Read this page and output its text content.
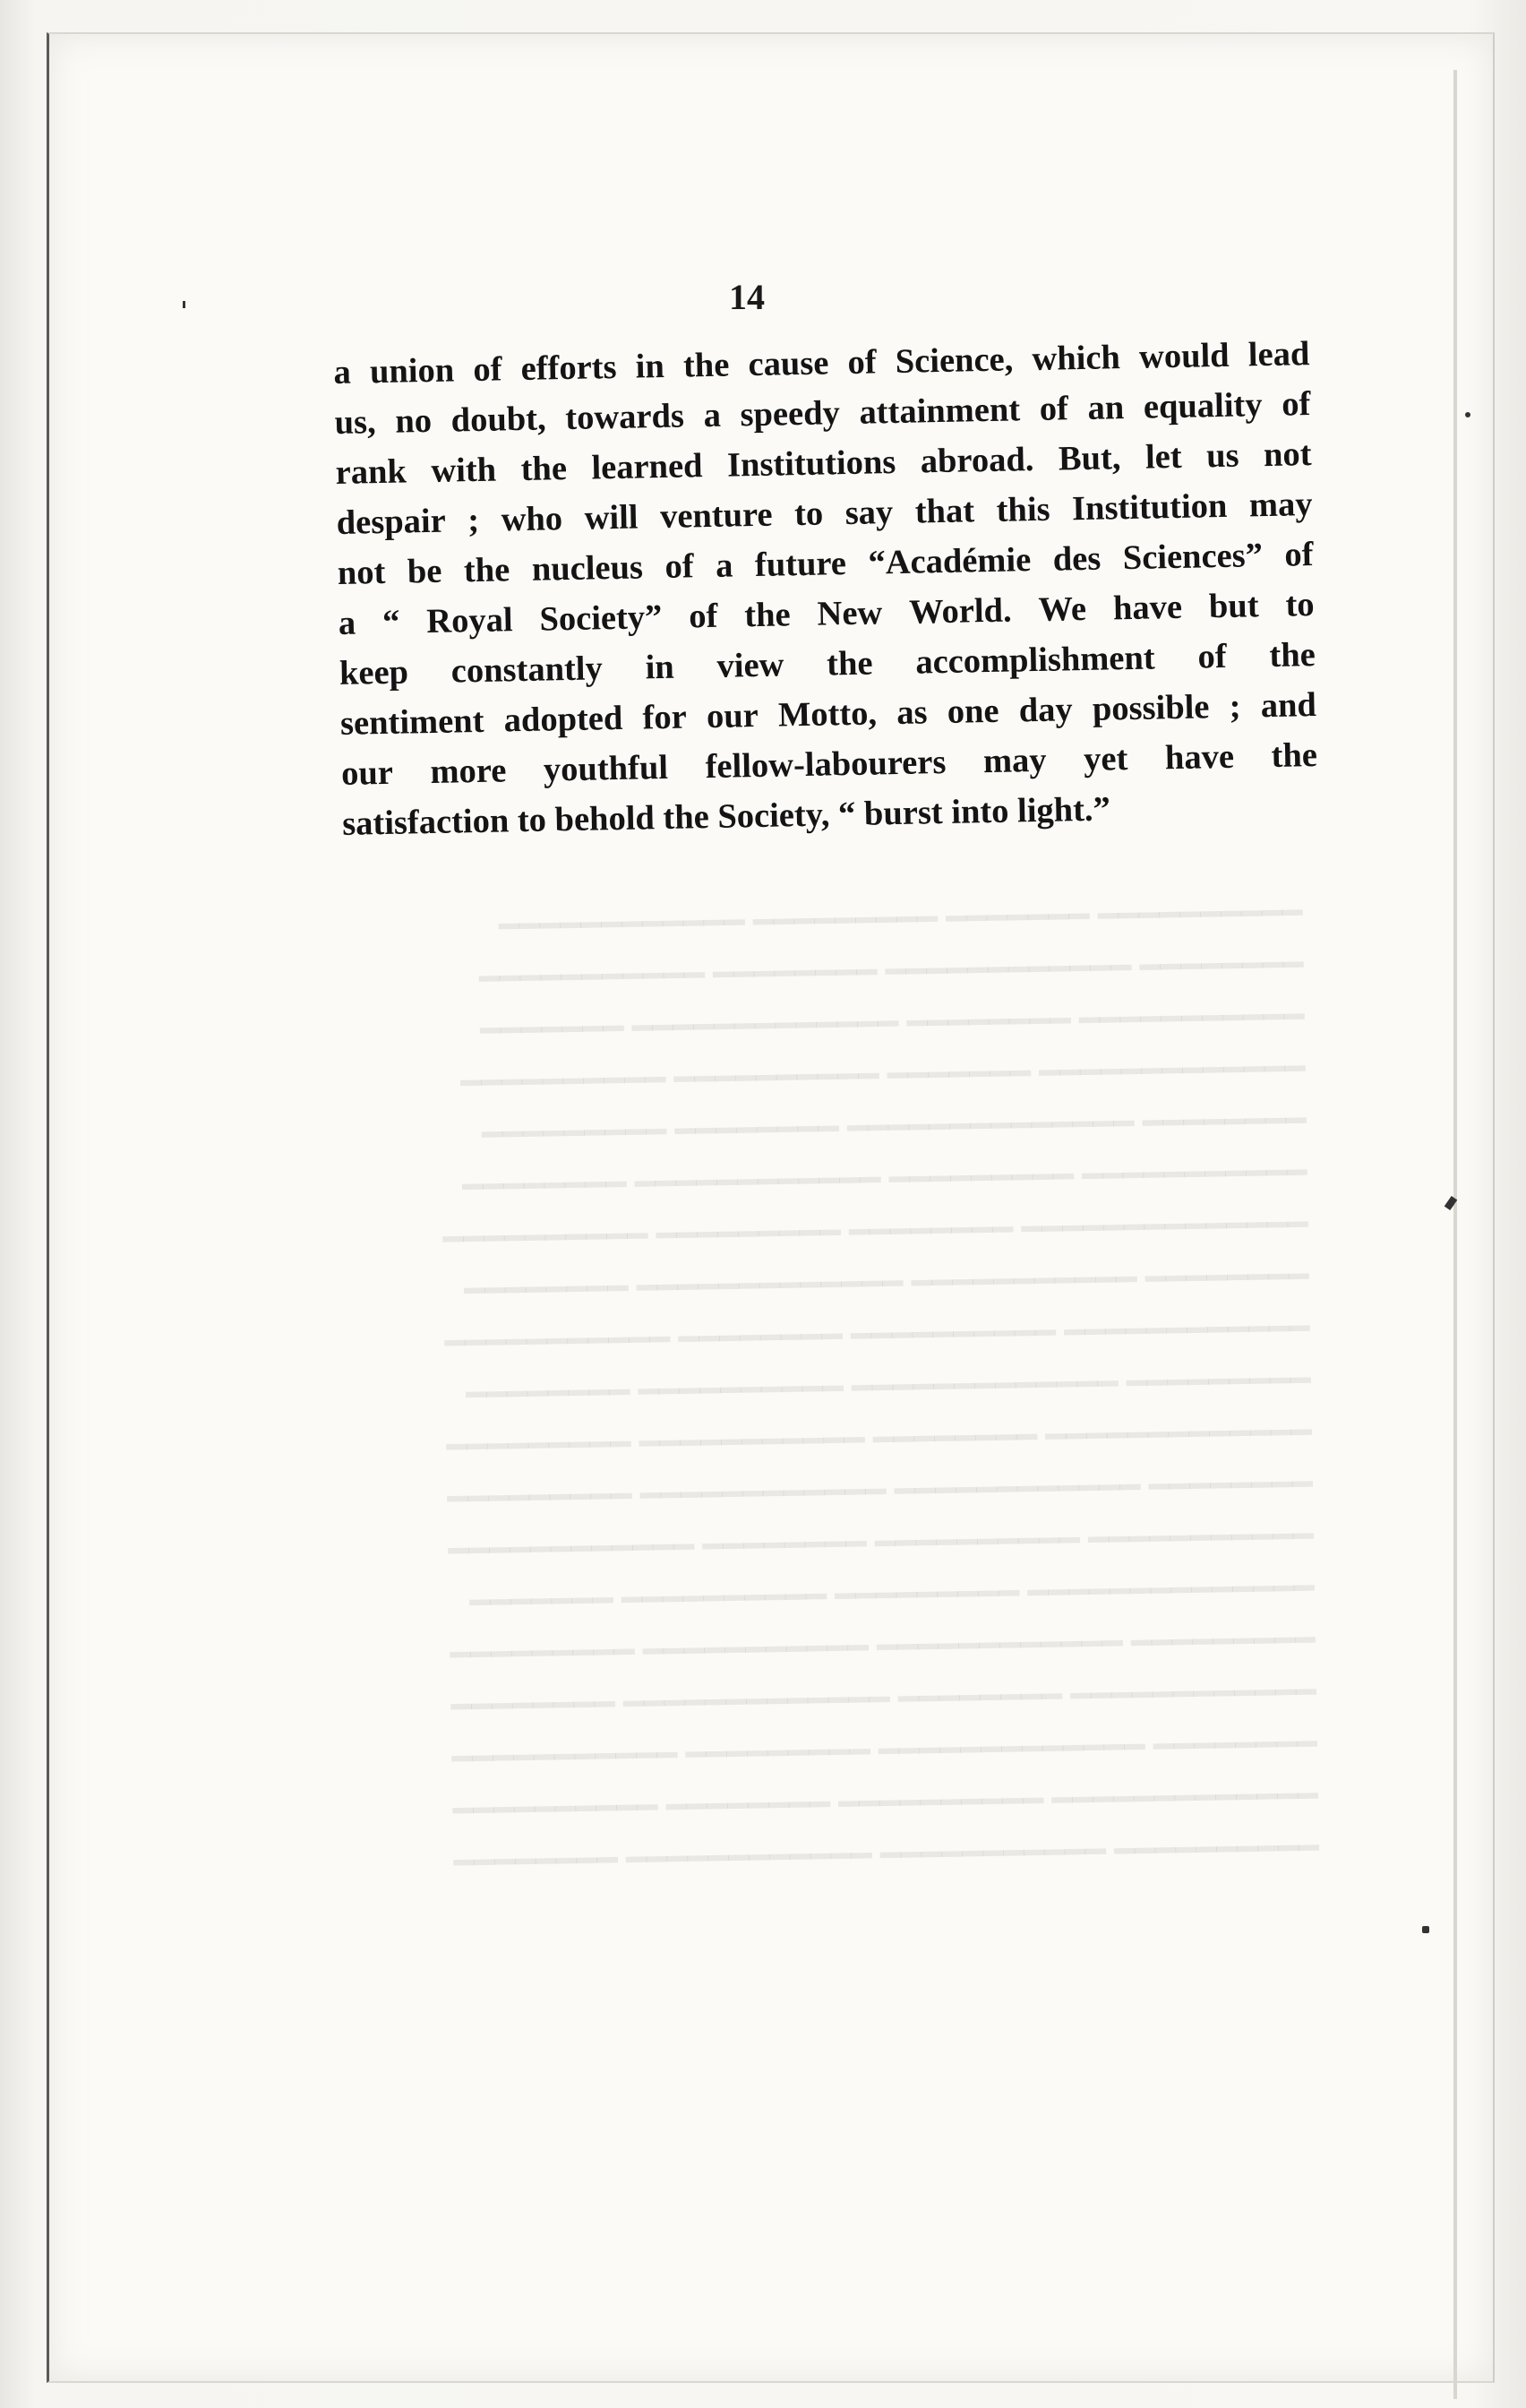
14
a union of efforts in the cause of Science, which would lead
us, no doubt, towards a speedy attainment of an equality of
rank with the learned Institutions abroad. But, let us not
despair ; who will venture to say that this Institution may
not be the nucleus of a future “Académie des Sciences” of
a “ Royal Society” of the New World. We have but to
keep constantly in view the accomplishment of the
sentiment adopted for our Motto, as one day possible ; and
our more youthful fellow-labourers may yet have the
satisfaction to behold the Society, “ burst into light.”
